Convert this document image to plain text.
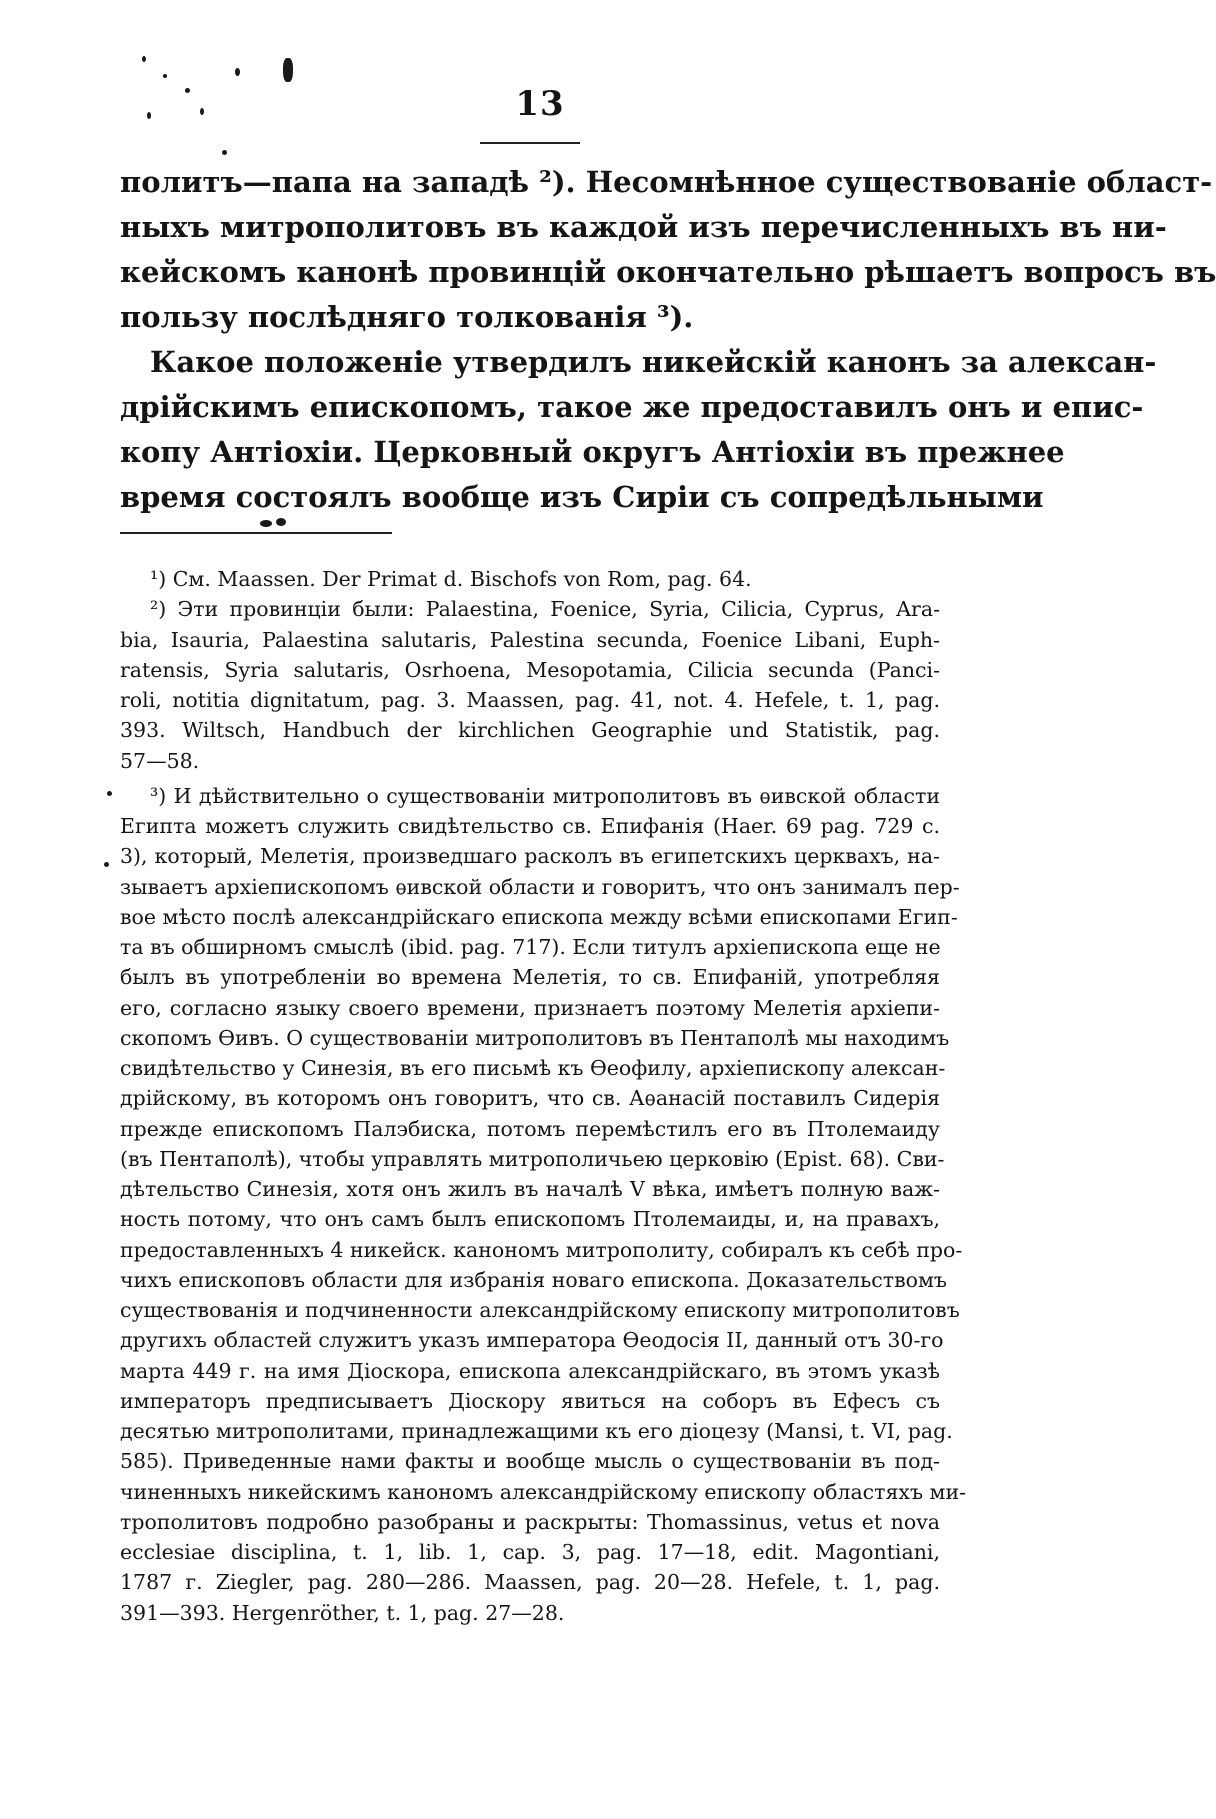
13
политъ—папа на западѣ ²). Несомнѣнное существованіе област-
ныхъ митрополитовъ въ каждой изъ перечисленныхъ въ ни-
кейскомъ канонѣ провинцій окончательно рѣшаетъ вопросъ въ
пользу послѣдняго толкованія ³).
Какое положеніе утвердилъ никейскій канонъ за алексан-
дрійскимъ епископомъ, такое же предоставилъ онъ и епис-
копу Антіохіи. Церковный округъ Антіохіи въ прежнее
время состоялъ вообще изъ Сиріи съ сопредѣльными
¹) См. Maassen. Der Primat d. Bischofs von Rom, pag. 64.
²) Эти провинціи были: Palaestina, Foenice, Syria, Cilicia, Cyprus, Ara-
bia, Isauria, Palaestina salutaris, Palestina secunda, Foenice Libani, Euph-
ratensis, Syria salutaris, Osrhoena, Mesopotamia, Cilicia secunda (Panci-
roli, notitia dignitatum, pag. 3. Maassen, pag. 41, not. 4. Hefele, t. 1, pag.
393. Wiltsch, Handbuch der kirchlichen Geographie und Statistik, pag.
57—58.
³) И дѣйствительно о существованіи митрополитовъ въ ѳивской области
Египта можетъ служить свидѣтельство св. Епифанія (Haer. 69 pag. 729 c.
3), который, Мелетія, произведшаго расколъ въ египетскихъ церквахъ, на-
зываетъ архіепископомъ ѳивской области и говоритъ, что онъ занималъ пер-
вое мѣсто послѣ александрійскаго епископа между всѣми епископами Егип-
та въ обширномъ смыслѣ (ibid. pag. 717). Если титулъ архіепископа еще не
былъ въ употребленіи во времена Мелетія, то св. Епифаній, употребляя
его, согласно языку своего времени, признаетъ поэтому Мелетія архіепи-
скопомъ Ѳивъ. О существованіи митрополитовъ въ Пентаполѣ мы находимъ
свидѣтельство у Синезія, въ его письмѣ къ Ѳеофилу, архіепископу алексан-
дрійскому, въ которомъ онъ говоритъ, что св. Аѳанасій поставилъ Сидерія
прежде епископомъ Палэбиска, потомъ перемѣстилъ его въ Птолемаиду
(въ Пентаполѣ), чтобы управлять митрополичьею церковію (Epist. 68). Сви-
дѣтельство Синезія, хотя онъ жилъ въ началѣ V вѣка, имѣетъ полную важ-
ность потому, что онъ самъ былъ епископомъ Птолемаиды, и, на правахъ,
предоставленныхъ 4 никейск. канономъ митрополиту, собиралъ къ себѣ про-
чихъ епископовъ области для избранія новаго епископа. Доказательствомъ
существованія и подчиненности александрійскому епископу митрополитовъ
другихъ областей служитъ указъ императора Ѳеодосія II, данный отъ 30-го
марта 449 г. на имя Діоскора, епископа александрійскаго, въ этомъ указѣ
императоръ предписываетъ Діоскору явиться на соборъ въ Ефесъ съ
десятью митрополитами, принадлежащими къ его діоцезу (Mansi, t. VI, pag.
585). Приведенные нами факты и вообще мысль о существованіи въ под-
чиненныхъ никейскимъ канономъ александрійскому епископу областяхъ ми-
трополитовъ подробно разобраны и раскрыты: Thomassinus, vetus et nova
ecclesiae disciplina, t. 1, lib. 1, cap. 3, pag. 17—18, edit. Magontiani,
1787 г. Ziegler, pag. 280—286. Maassen, pag. 20—28. Hefele, t. 1, pag.
391—393. Hergenröther, t. 1, pag. 27—28.
